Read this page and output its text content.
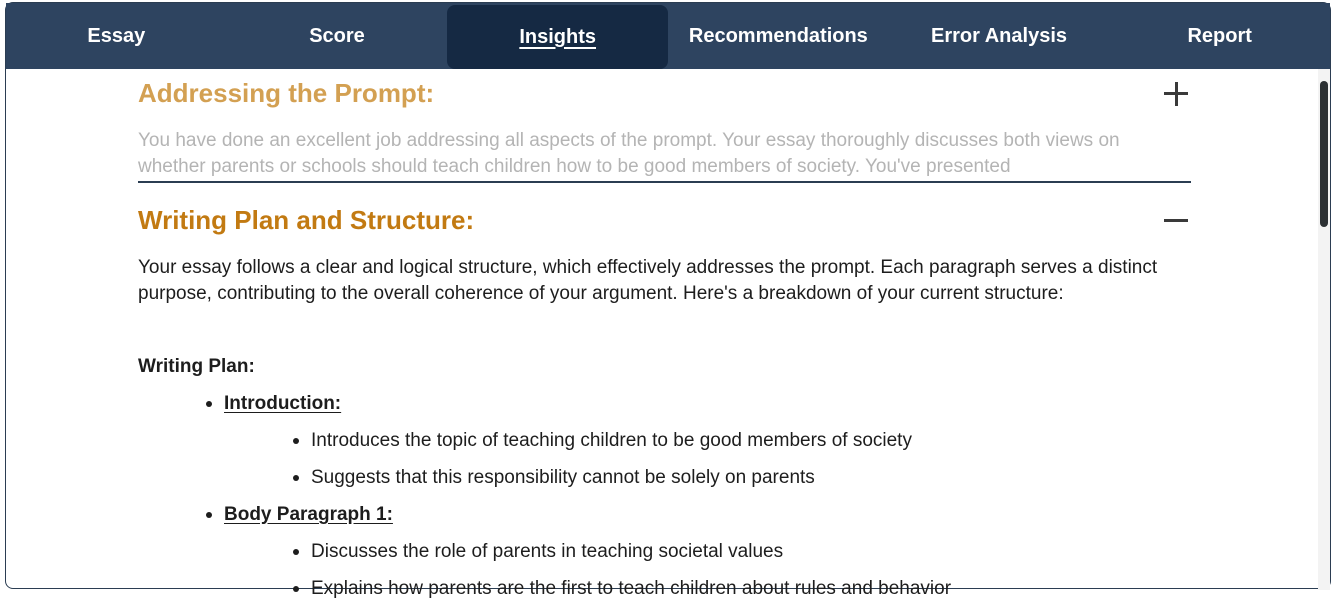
Essay	Score	Insights	Recommendations	Error Analysis	Report
Addressing the Prompt:
You have done an excellent job addressing all aspects of the prompt. Your essay thoroughly discusses both views on whether parents or schools should teach children how to be good members of society. You've presented
Writing Plan and Structure:
Your essay follows a clear and logical structure, which effectively addresses the prompt. Each paragraph serves a distinct purpose, contributing to the overall coherence of your argument. Here's a breakdown of your current structure:
Writing Plan:
Introduction:
Introduces the topic of teaching children to be good members of society
Suggests that this responsibility cannot be solely on parents
Body Paragraph 1:
Discusses the role of parents in teaching societal values
Explains how parents are the first to teach children about rules and behavior
